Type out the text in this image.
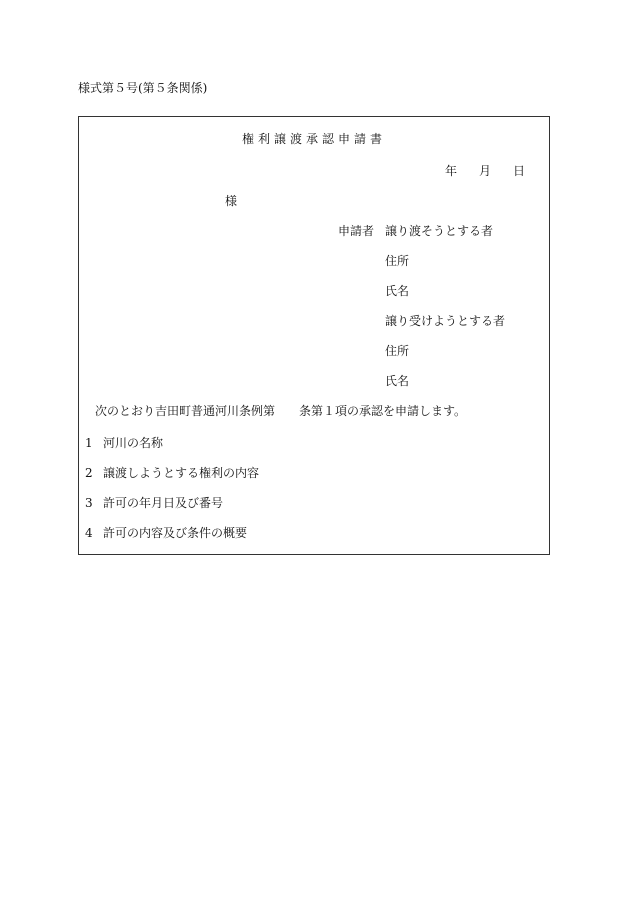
様式第５号(第５条関係)
権利譲渡承認申請書
年 月 日
様
申請者 譲り渡そうとする者
住所
氏名
譲り受けようとする者
住所
氏名
次のとおり吉田町普通河川条例第 条第１項の承認を申請します。
1 河川の名称
2 譲渡しようとする権利の内容
3 許可の年月日及び番号
4 許可の内容及び条件の概要
